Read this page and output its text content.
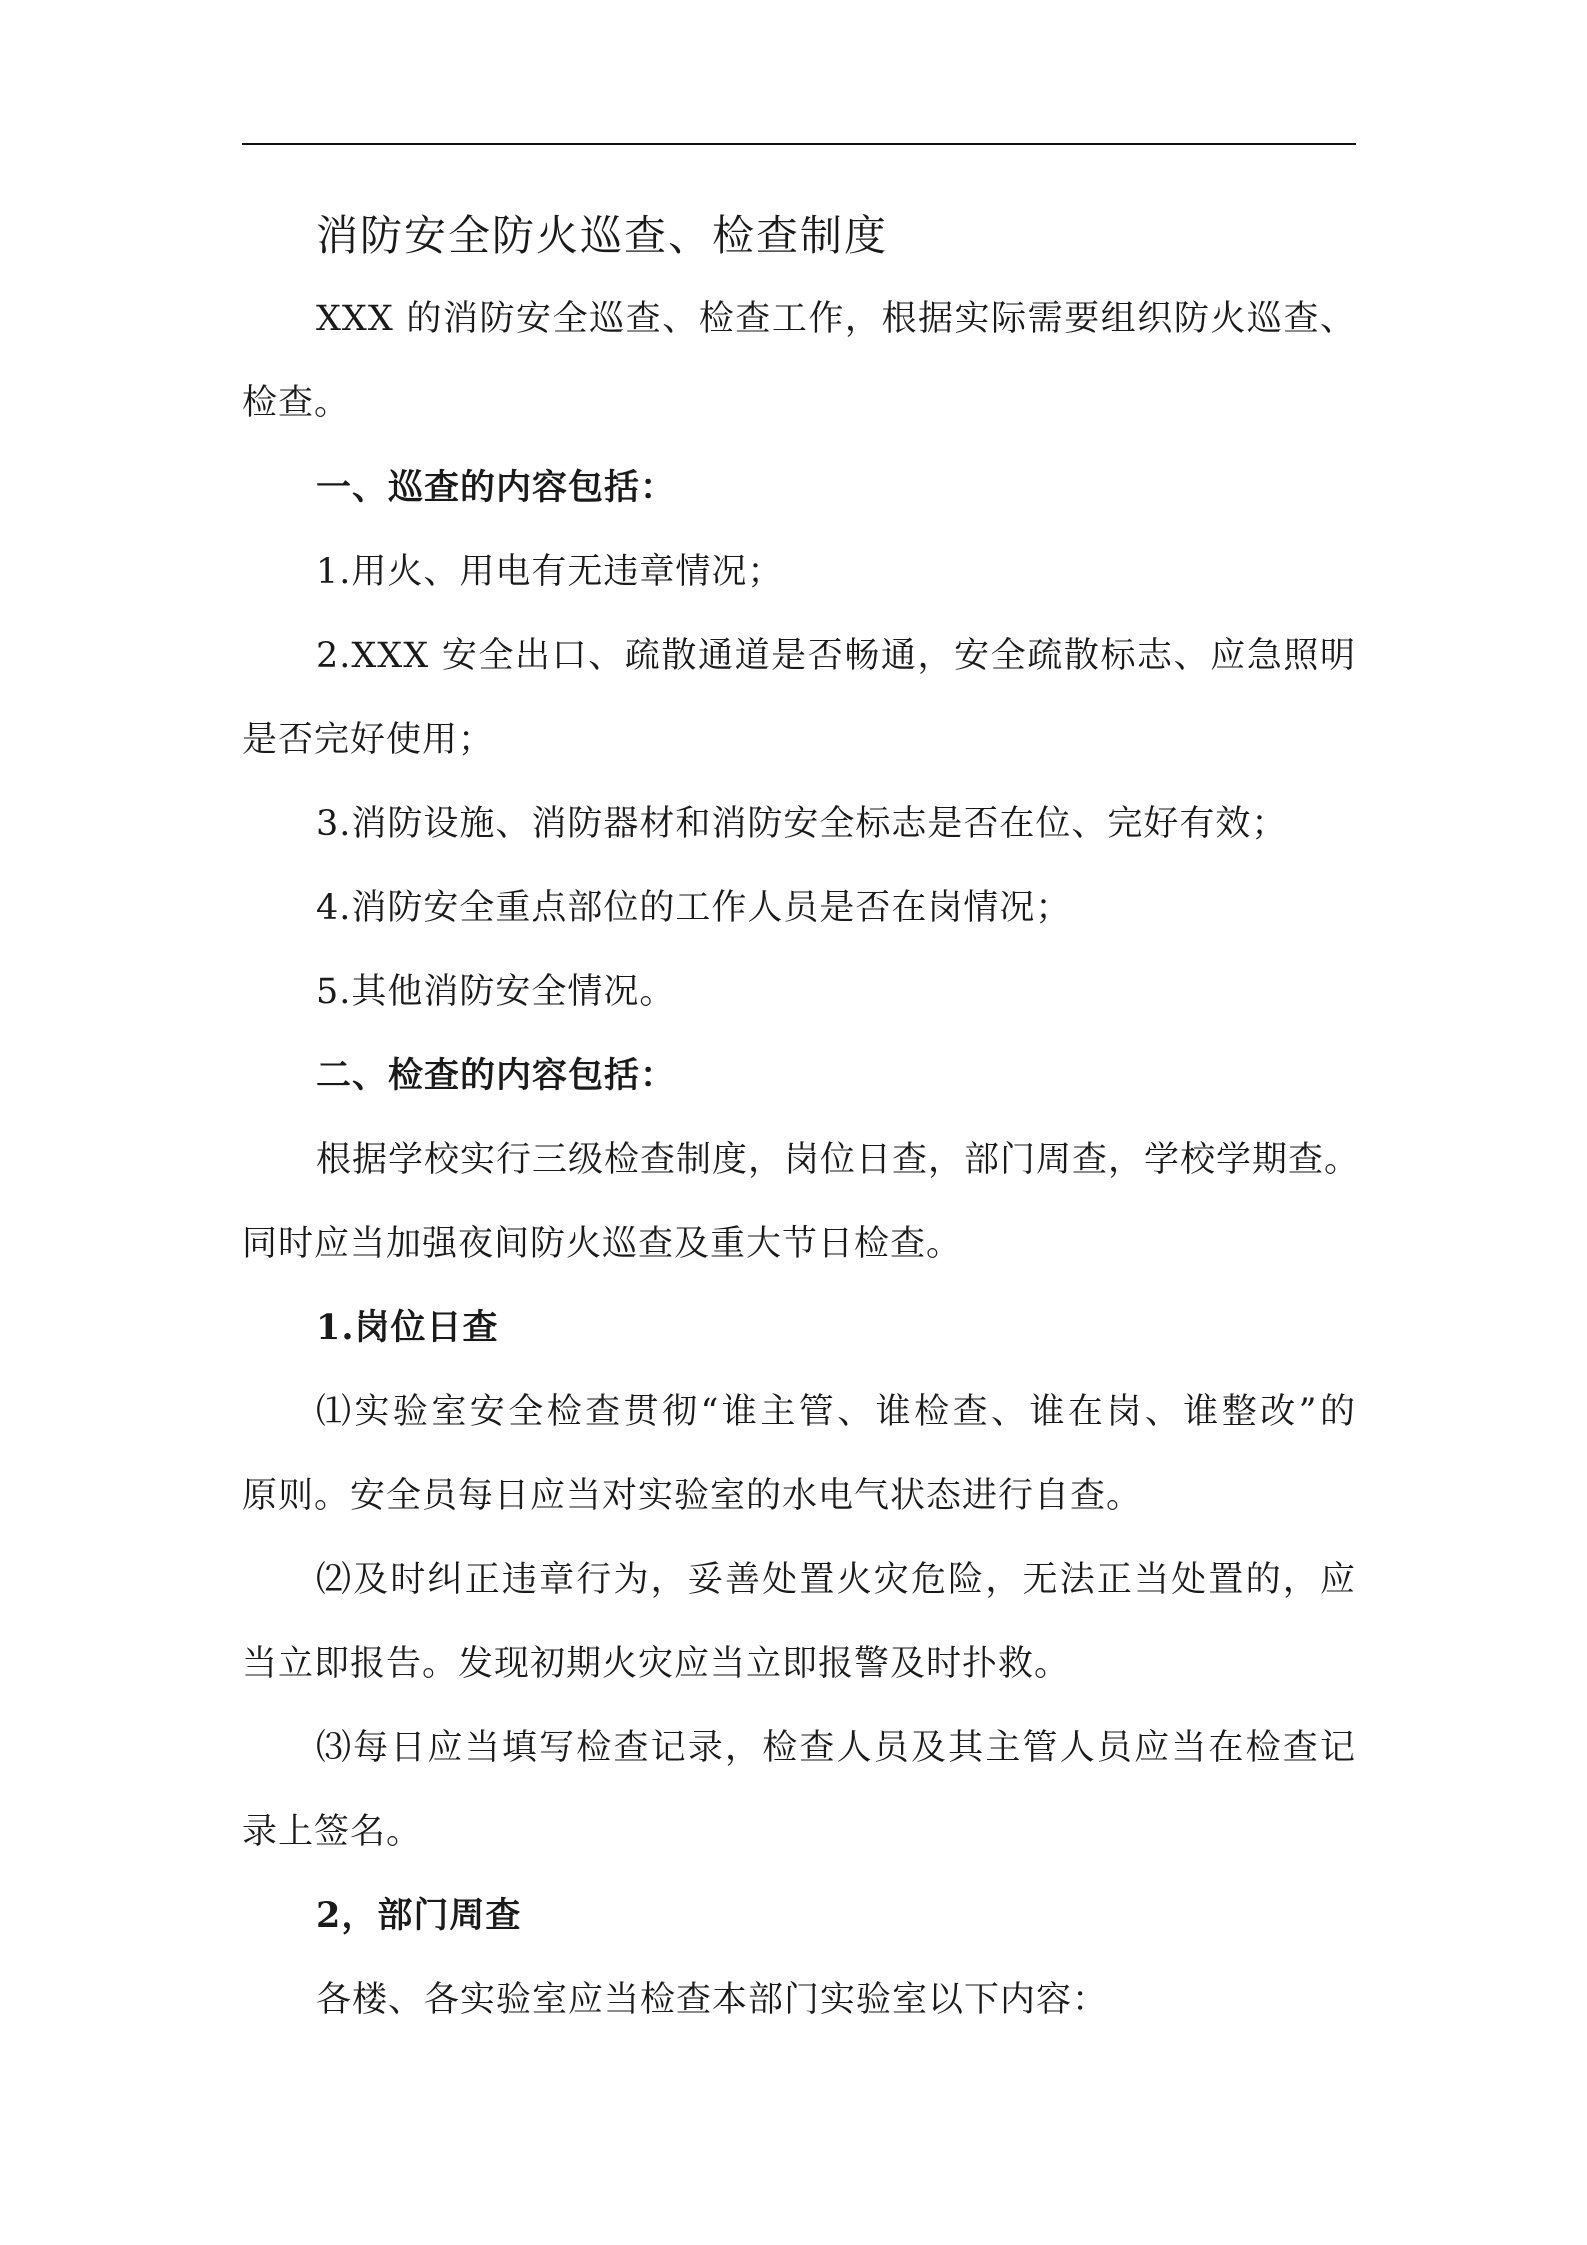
消防安全防火巡查、检查制度
XXX 的消防安全巡查、检查工作，根据实际需要组织防火巡查、
检查。
一、巡查的内容包括：
1.用火、用电有无违章情况；
2.XXX 安全出口、疏散通道是否畅通，安全疏散标志、应急照明
是否完好使用；
3.消防设施、消防器材和消防安全标志是否在位、完好有效；
4.消防安全重点部位的工作人员是否在岗情况；
5.其他消防安全情况。
二、检查的内容包括：
根据学校实行三级检查制度，岗位日查，部门周查，学校学期查。
同时应当加强夜间防火巡查及重大节日检查。
1.岗位日查
⑴实验室安全检查贯彻“谁主管、谁检查、谁在岗、谁整改”的
原则。安全员每日应当对实验室的水电气状态进行自查。
⑵及时纠正违章行为，妥善处置火灾危险，无法正当处置的，应
当立即报告。发现初期火灾应当立即报警及时扑救。
⑶每日应当填写检查记录，检查人员及其主管人员应当在检查记
录上签名。
2，部门周查
各楼、各实验室应当检查本部门实验室以下内容：
